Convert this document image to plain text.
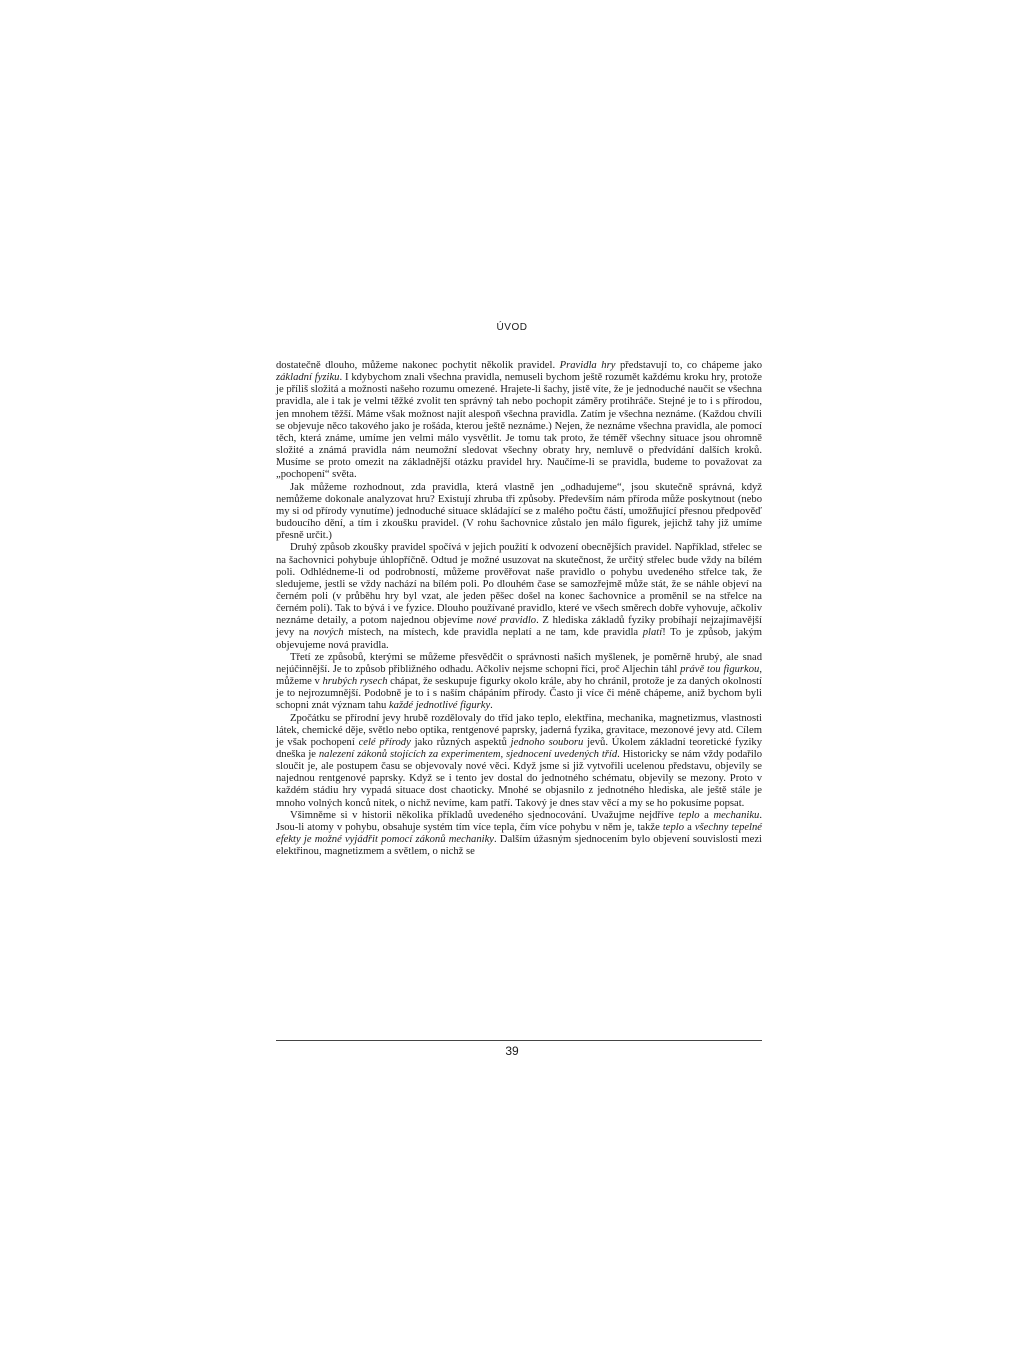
ÚVOD

dostatečně dlouho, můžeme nakonec pochytit několik pravidel. Pravidla hry představují to, co chápeme jako základní fyziku. I kdybychom znali všechna pravidla, nemuseli bychom ještě rozumět každému kroku hry, protože je příliš složitá a možnosti našeho rozumu omezené. Hrajete-li šachy, jistě víte, že je jednoduché naučit se všechna pravidla, ale i tak je velmi těžké zvolit ten správný tah nebo pochopit záměry protihráče. Stejné je to i s přírodou, jen mnohem těžší. Máme však možnost najít alespoň všechna pravidla. Zatím je všechna neznáme. (Každou chvíli se objevuje něco takového jako je rošáda, kterou ještě neznáme.) Nejen, že neznáme všechna pravidla, ale pomocí těch, která známe, umíme jen velmi málo vysvětlit. Je tomu tak proto, že téměř všechny situace jsou ohromně složité a známá pravidla nám neumožní sledovat všechny obraty hry, nemluvě o předvídání dalších kroků. Musíme se proto omezit na základnější otázku pravidel hry. Naučíme-li se pravidla, budeme to považovat za „pochopení“ světa.

Jak můžeme rozhodnout, zda pravidla, která vlastně jen „odhadujeme“, jsou skutečně správná, když nemůžeme dokonale analyzovat hru? Existují zhruba tři způsoby. Především nám příroda může poskytnout (nebo my si od přírody vynutíme) jednoduché situace skládající se z malého počtu částí, umožňující přesnou předpověď budoucího dění, a tím i zkoušku pravidel. (V rohu šachovnice zůstalo jen málo figurek, jejichž tahy již umíme přesně určit.)

Druhý způsob zkoušky pravidel spočívá v jejich použití k odvození obecnějších pravidel. Například, střelec se na šachovnici pohybuje úhlopříčně. Odtud je možné usuzovat na skutečnost, že určitý střelec bude vždy na bílém poli. Odhlédneme-li od podrobností, můžeme prověřovat naše pravidlo o pohybu uvedeného střelce tak, že sledujeme, jestli se vždy nachází na bílém poli. Po dlouhém čase se samozřejmě může stát, že se náhle objeví na černém poli (v průběhu hry byl vzat, ale jeden pěšec došel na konec šachovnice a proměnil se na střelce na černém poli). Tak to bývá i ve fyzice. Dlouho používané pravidlo, které ve všech směrech dobře vyhovuje, ačkoliv neznáme detaily, a potom najednou objevíme nové pravidlo. Z hlediska základů fyziky probíhají nejzajímavější jevy na nových místech, na místech, kde pravidla neplatí a ne tam, kde pravidla platí! To je způsob, jakým objevujeme nová pravidla.

Třetí ze způsobů, kterými se můžeme přesvědčit o správnosti našich myšlenek, je poměrně hrubý, ale snad nejúčinnější. Je to způsob přibližného odhadu. Ačkoliv nejsme schopni říci, proč Aljechin táhl právě tou figurkou, můžeme v hrubých rysech chápat, že seskupuje figurky okolo krále, aby ho chránil, protože je za daných okolností je to nejrozumnější. Podobně je to i s naším chápáním přírody. Často ji více či méně chápeme, aniž bychom byli schopni znát význam tahu každé jednotlivé figurky.

Zpočátku se přírodní jevy hrubě rozdělovaly do tříd jako teplo, elektřina, mechanika, magnetizmus, vlastnosti látek, chemické děje, světlo nebo optika, rentgenové paprsky, jaderná fyzika, gravitace, mezonové jevy atd. Cílem je však pochopení celé přírody jako různých aspektů jednoho souboru jevů. Úkolem základní teoretické fyziky dneška je nalezení zákonů stojících za experimentem, sjednocení uvedených tříd. Historicky se nám vždy podařilo sloučit je, ale postupem času se objevovaly nové věci. Když jsme si již vytvořili ucelenou představu, objevily se najednou rentgenové paprsky. Když se i tento jev dostal do jednotného schématu, objevily se mezony. Proto v každém stádiu hry vypadá situace dost chaoticky. Mnohé se objasnilo z jednotného hlediska, ale ještě stále je mnoho volných konců nitek, o nichž nevíme, kam patří. Takový je dnes stav věcí a my se ho pokusíme popsat.

Všimněme si v historii několika příkladů uvedeného sjednocování. Uvažujme nejdříve teplo a mechaniku. Jsou-li atomy v pohybu, obsahuje systém tím více tepla, čím více pohybu v něm je, takže teplo a všechny tepelné efekty je možné vyjádřit pomocí zákonů mechaniky. Dalším úžasným sjednocením bylo objevení souvislosti mezi elektřinou, magnetizmem a světlem, o nichž se

39
